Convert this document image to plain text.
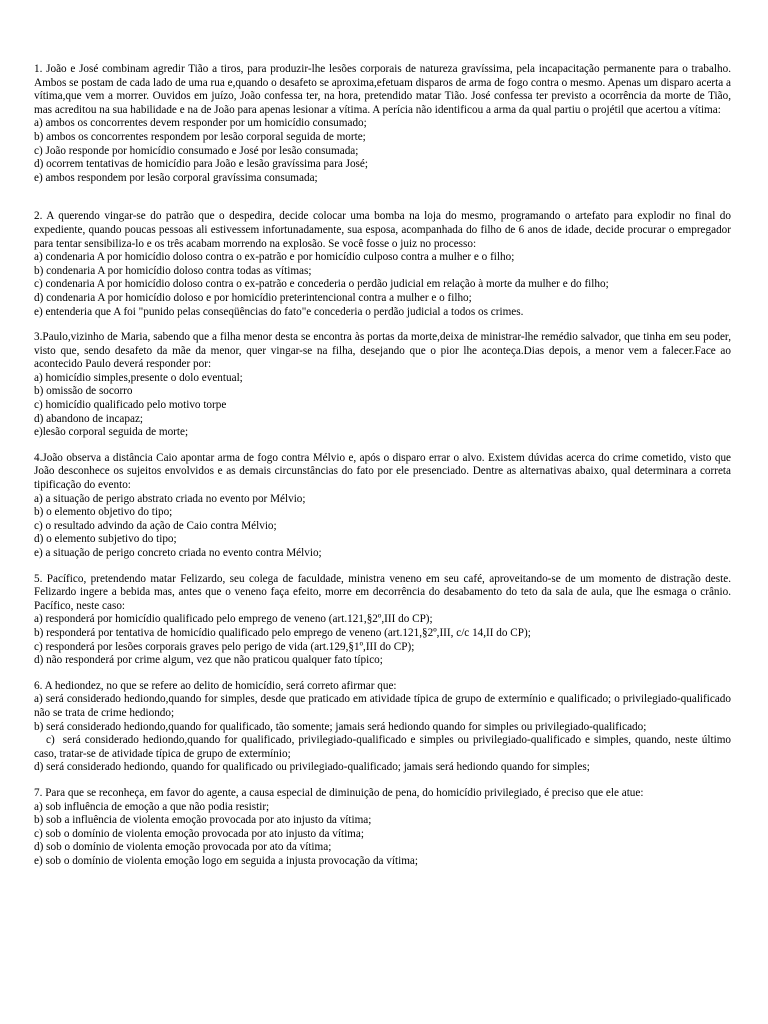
1. João e José combinam agredir Tião a tiros, para produzir-lhe lesões corporais de natureza gravíssima, pela incapacitação permanente para o trabalho. Ambos se postam de cada lado de uma rua e,quando o desafeto se aproxima,efetuam disparos de arma de fogo contra o mesmo. Apenas um disparo acerta a vítima,que vem a morrer. Ouvidos em juízo, João confessa ter, na hora, pretendido matar Tião. José confessa ter previsto a ocorrência da morte de Tião, mas acreditou na sua habilidade e na de João para apenas lesionar a vítima. A perícia não identificou a arma da qual partiu o projétil que acertou a vítima:

a) ambos os concorrentes devem responder por um homicídio consumado;
b) ambos os concorrentes respondem por lesão corporal seguida de morte;
c) João responde por homicídio consumado e José por lesão consumada;
d) ocorrem tentativas de homicídio para João e lesão gravíssima para José;
e) ambos respondem por lesão corporal gravíssima consumada;

2. A querendo vingar-se do patrão que o despedira, decide colocar uma bomba na loja do mesmo, programando o artefato para explodir no final do expediente, quando poucas pessoas ali estivessem infortunadamente, sua esposa, acompanhada do filho de 6 anos de idade, decide procurar o empregador para tentar sensibiliza-lo e os três acabam morrendo na explosão. Se você fosse o juiz no processo:

a) condenaria A por homicídio doloso contra o ex-patrão e por homicídio culposo contra a mulher e o filho;
b) condenaria A por homicídio doloso contra todas as vítimas;
c) condenaria A por homicídio doloso contra o ex-patrão e concederia o perdão judicial em relação à morte da mulher e do filho;
d) condenaria A por homicídio doloso e por homicídio preterintencional contra a mulher e o filho;
e) entenderia que A foi "punido pelas conseqüências do fato"e concederia o perdão judicial a todos os crimes.

3.Paulo,vizinho de Maria, sabendo que a filha menor desta se encontra às portas da morte,deixa de ministrar-lhe remédio salvador, que tinha em seu poder, visto que, sendo desafeto da mãe da menor, quer vingar-se na filha, desejando que o pior lhe aconteça.Dias depois, a menor vem a falecer.Face ao acontecido Paulo deverá responder por:

a) homicídio simples,presente o dolo eventual;
b) omissão de socorro
c) homicídio qualificado pelo motivo torpe
d) abandono de incapaz;
e)lesão corporal seguida de morte;

4.João observa a distância Caio apontar arma de fogo contra Mélvio e, após o disparo errar o alvo. Existem dúvidas acerca do crime cometido, visto que João desconhece os sujeitos envolvidos e as demais circunstâncias do fato por ele presenciado. Dentre as alternativas abaixo, qual determinara a correta tipificação do evento:

a) a situação de perigo abstrato criada no evento por Mélvio;
b) o elemento objetivo do tipo;
c) o resultado advindo da ação de Caio contra Mélvio;
d) o elemento subjetivo do tipo;
e) a situação de perigo concreto criada no evento contra Mélvio;

5. Pacífico, pretendendo matar Felizardo, seu colega de faculdade, ministra veneno em seu café, aproveitando-se de um momento de distração deste. Felizardo ingere a bebida mas, antes que o veneno faça efeito, morre em decorrência do desabamento do teto da sala de aula, que lhe esmaga o crânio. Pacífico, neste caso:

a) responderá por homicídio qualificado pelo emprego de veneno (art.121,§2º,III do CP);
b) responderá por tentativa de homicídio qualificado pelo emprego de veneno (art.121,§2º,III, c/c 14,II do CP);
c) responderá por lesões corporais graves pelo perigo de vida (art.129,§1º,III do CP);
d) não responderá por crime algum, vez que não praticou qualquer fato típico;

6. A hediondez, no que se refere ao delito de homicídio, será correto afirmar que:

a) será considerado hediondo,quando for simples, desde que praticado em atividade típica de grupo de extermínio e qualificado; o privilegiado-qualificado não se trata de crime hediondo;
b) será considerado hediondo,quando for qualificado, tão somente; jamais será hediondo quando for simples ou privilegiado-qualificado;
c)  será considerado hediondo,quando for qualificado, privilegiado-qualificado e simples ou privilegiado-qualificado e simples, quando, neste último caso, tratar-se de atividade típica de grupo de extermínio;
d) será considerado hediondo, quando for qualificado ou privilegiado-qualificado; jamais será hediondo quando for simples;

7. Para que se reconheça, em favor do agente, a causa especial de diminuição de pena, do homicídio privilegiado, é preciso que ele atue:

a) sob influência de emoção a que não podia resistir;
b) sob a influência de violenta emoção provocada por ato injusto da vítima;
c) sob o domínio de violenta emoção provocada por ato injusto da vítima;
d) sob o domínio de violenta emoção provocada por ato da vítima;
e) sob o domínio de violenta emoção logo em seguida a injusta provocação da vítima;
